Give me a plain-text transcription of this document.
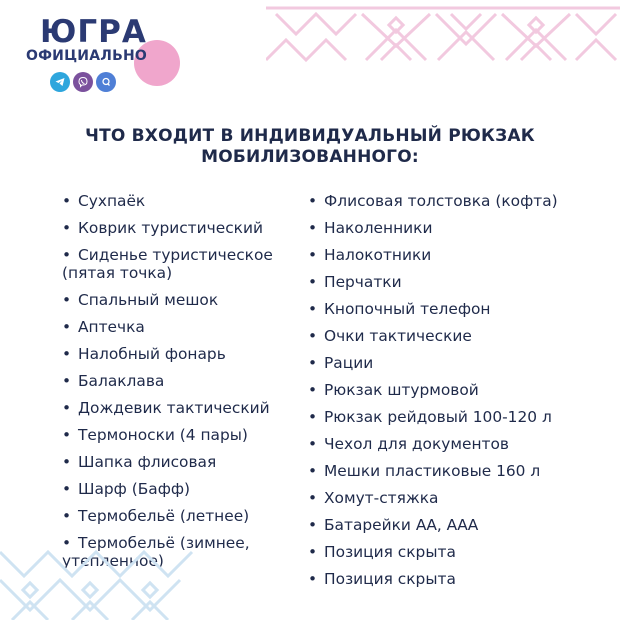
ЮГРА
ОФИЦИАЛЬНО
ЧТО ВХОДИТ В ИНДИВИДУАЛЬНЫЙ РЮКЗАК
МОБИЛИЗОВАННОГО:
• Сухпаёк
• Коврик туристический
• Сиденье туристическое
(пятая точка)
• Спальный мешок
• Аптечка
• Налобный фонарь
• Балаклава
• Дождевик тактический
• Термоноски (4 пары)
• Шапка флисовая
• Шарф (Бафф)
• Термобельё (летнее)
• Термобельё (зимнее,
утепленное)
• Флисовая толстовка (кофта)
• Наколенники
• Налокотники
• Перчатки
• Кнопочный телефон
• Очки тактические
• Рации
• Рюкзак штурмовой
• Рюкзак рейдовый 100-120 л
• Чехол для документов
• Мешки пластиковые 160 л
• Хомут-стяжка
• Батарейки АА, ААА
• Позиция скрыта
• Позиция скрыта
